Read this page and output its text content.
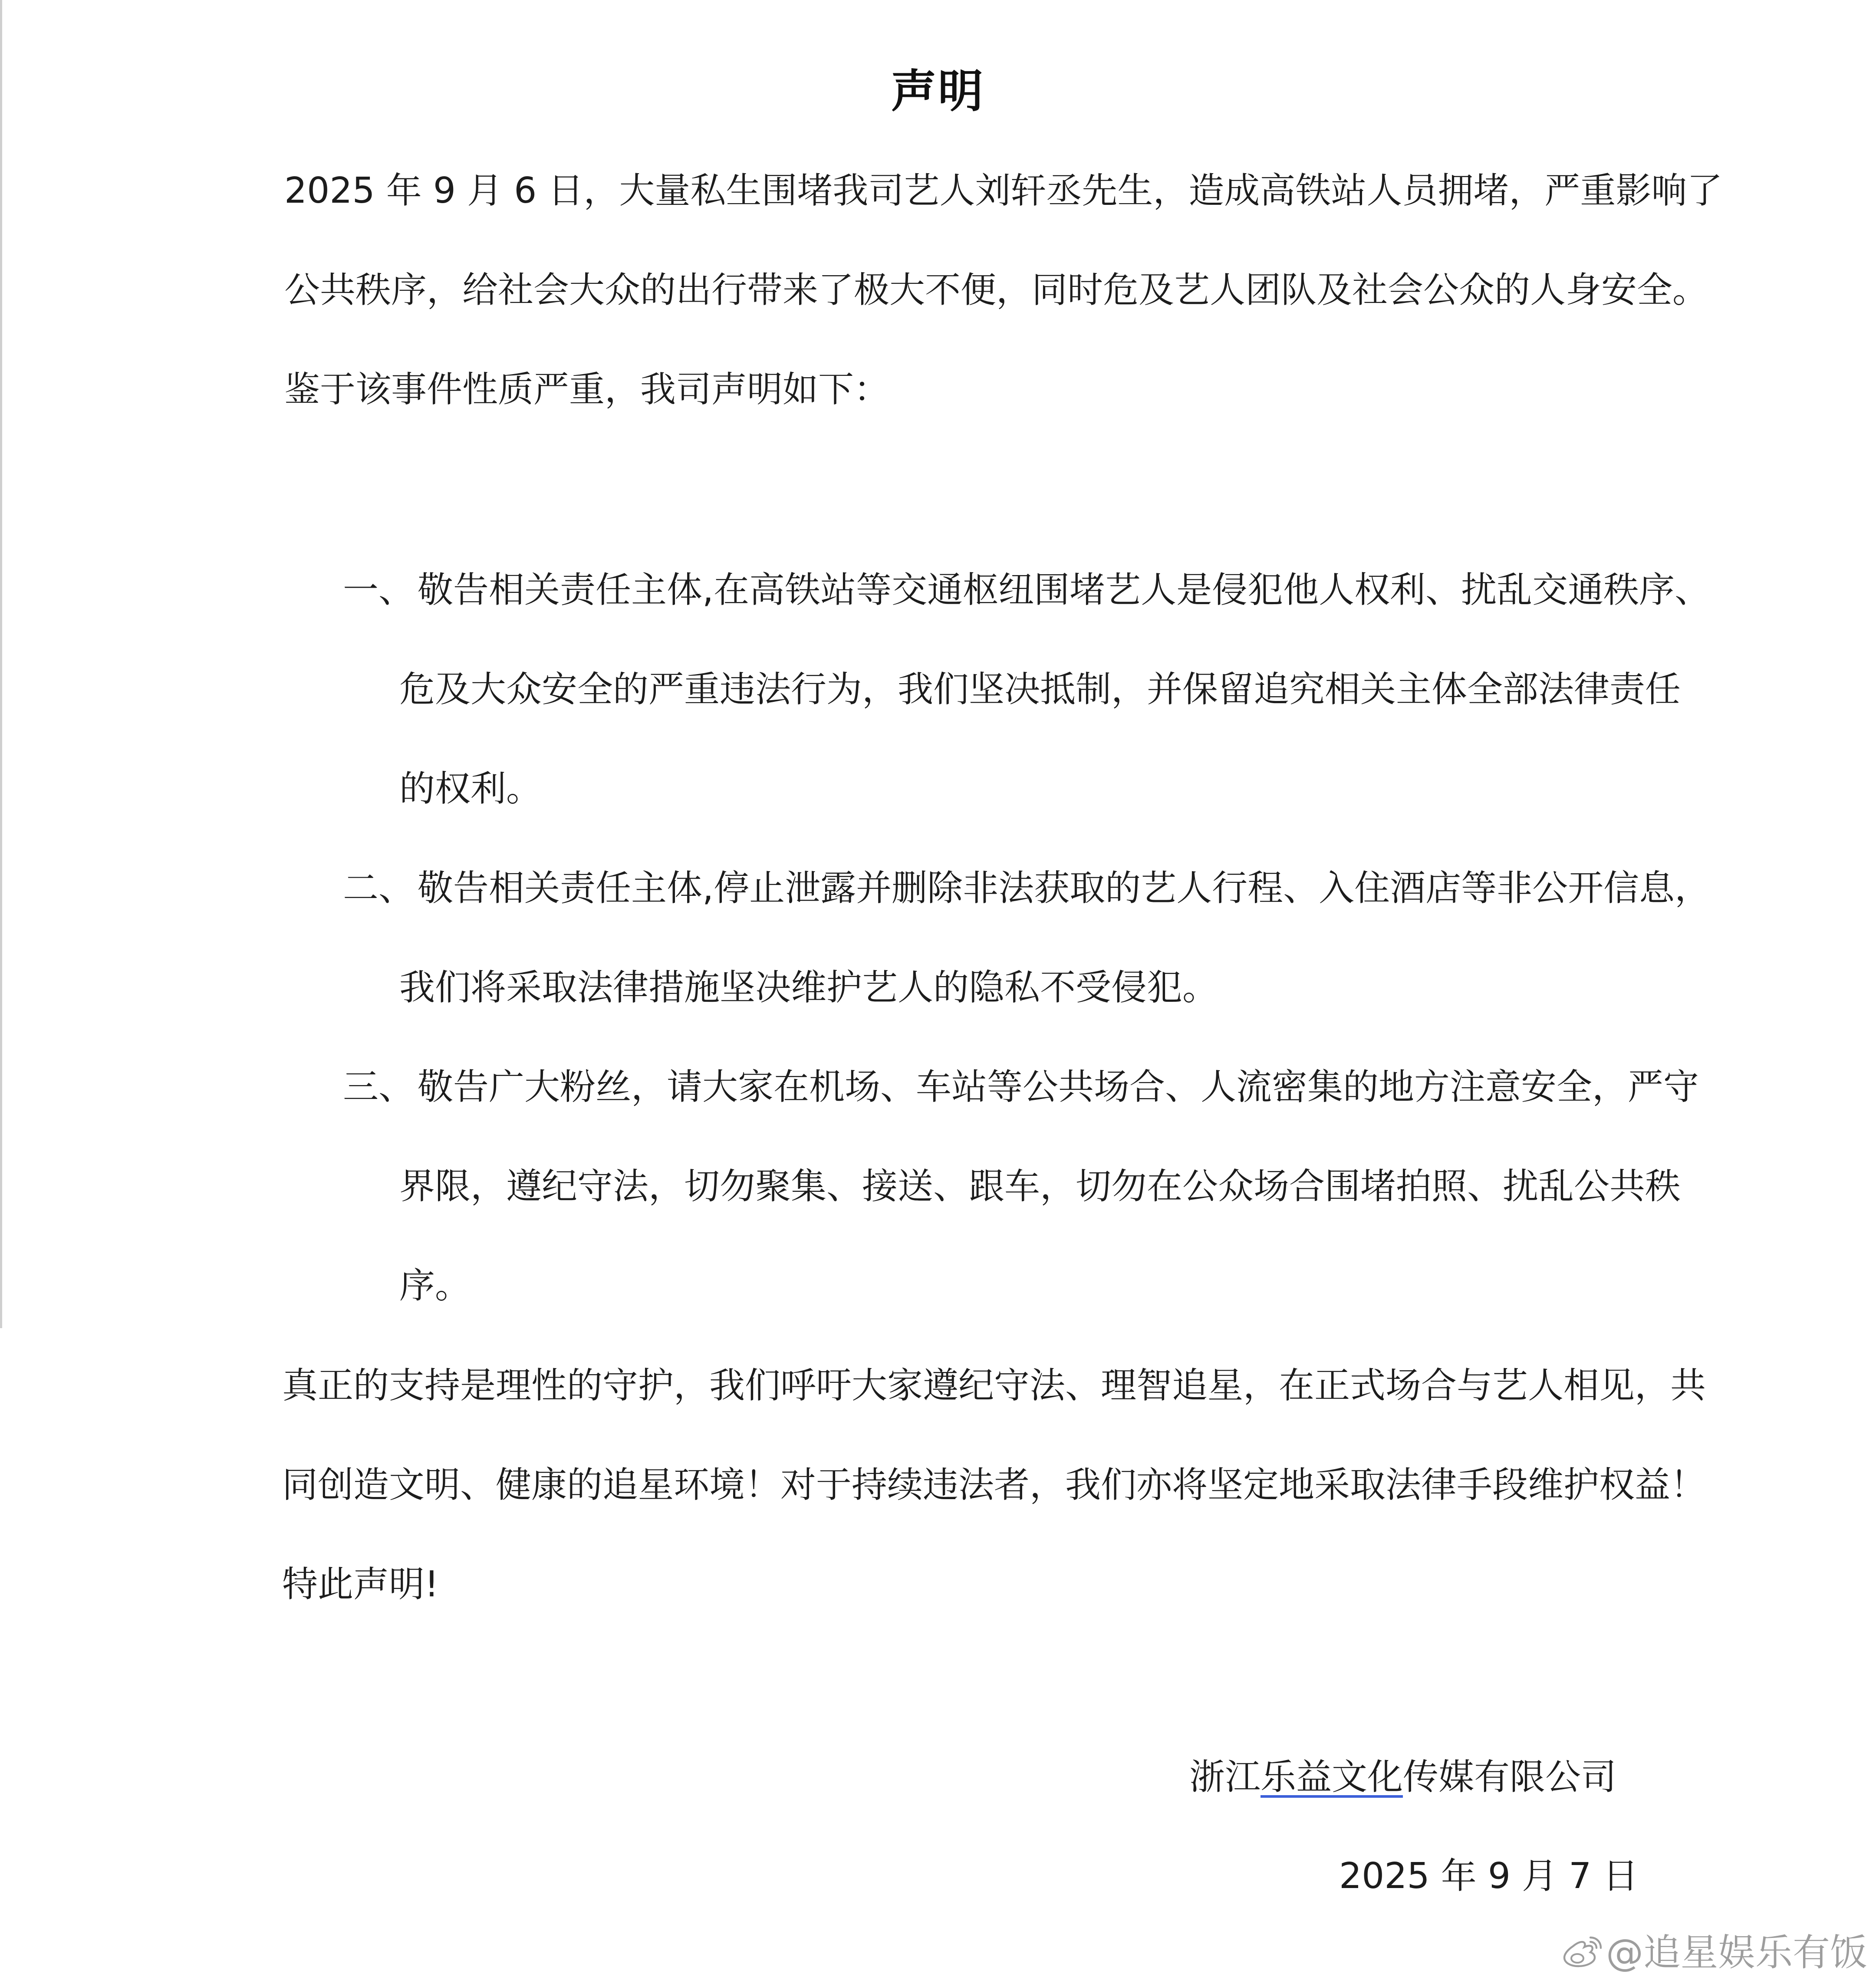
声明
2025 年 9 月 6 日，大量私生围堵我司艺人刘轩丞先生，造成高铁站人员拥堵，严重影响了
公共秩序，给社会大众的出行带来了极大不便，同时危及艺人团队及社会公众的人身安全。
鉴于该事件性质严重，我司声明如下：
一、 敬告相关责任主体,在高铁站等交通枢纽围堵艺人是侵犯他人权利、扰乱交通秩序、
危及大众安全的严重违法行为，我们坚决抵制，并保留追究相关主体全部法律责任
的权利。
二、 敬告相关责任主体,停止泄露并删除非法获取的艺人行程、入住酒店等非公开信息，
我们将采取法律措施坚决维护艺人的隐私不受侵犯。
三、 敬告广大粉丝，请大家在机场、车站等公共场合、人流密集的地方注意安全，严守
界限，遵纪守法，切勿聚集、接送、跟车，切勿在公众场合围堵拍照、扰乱公共秩
序。
真正的支持是理性的守护，我们呼吁大家遵纪守法、理智追星，在正式场合与艺人相见，共
同创造文明、健康的追星环境！对于持续违法者，我们亦将坚定地采取法律手段维护权益！
特此声明!
浙江乐益文化传媒有限公司
2025 年 9 月 7 日
@追星娱乐有饭
